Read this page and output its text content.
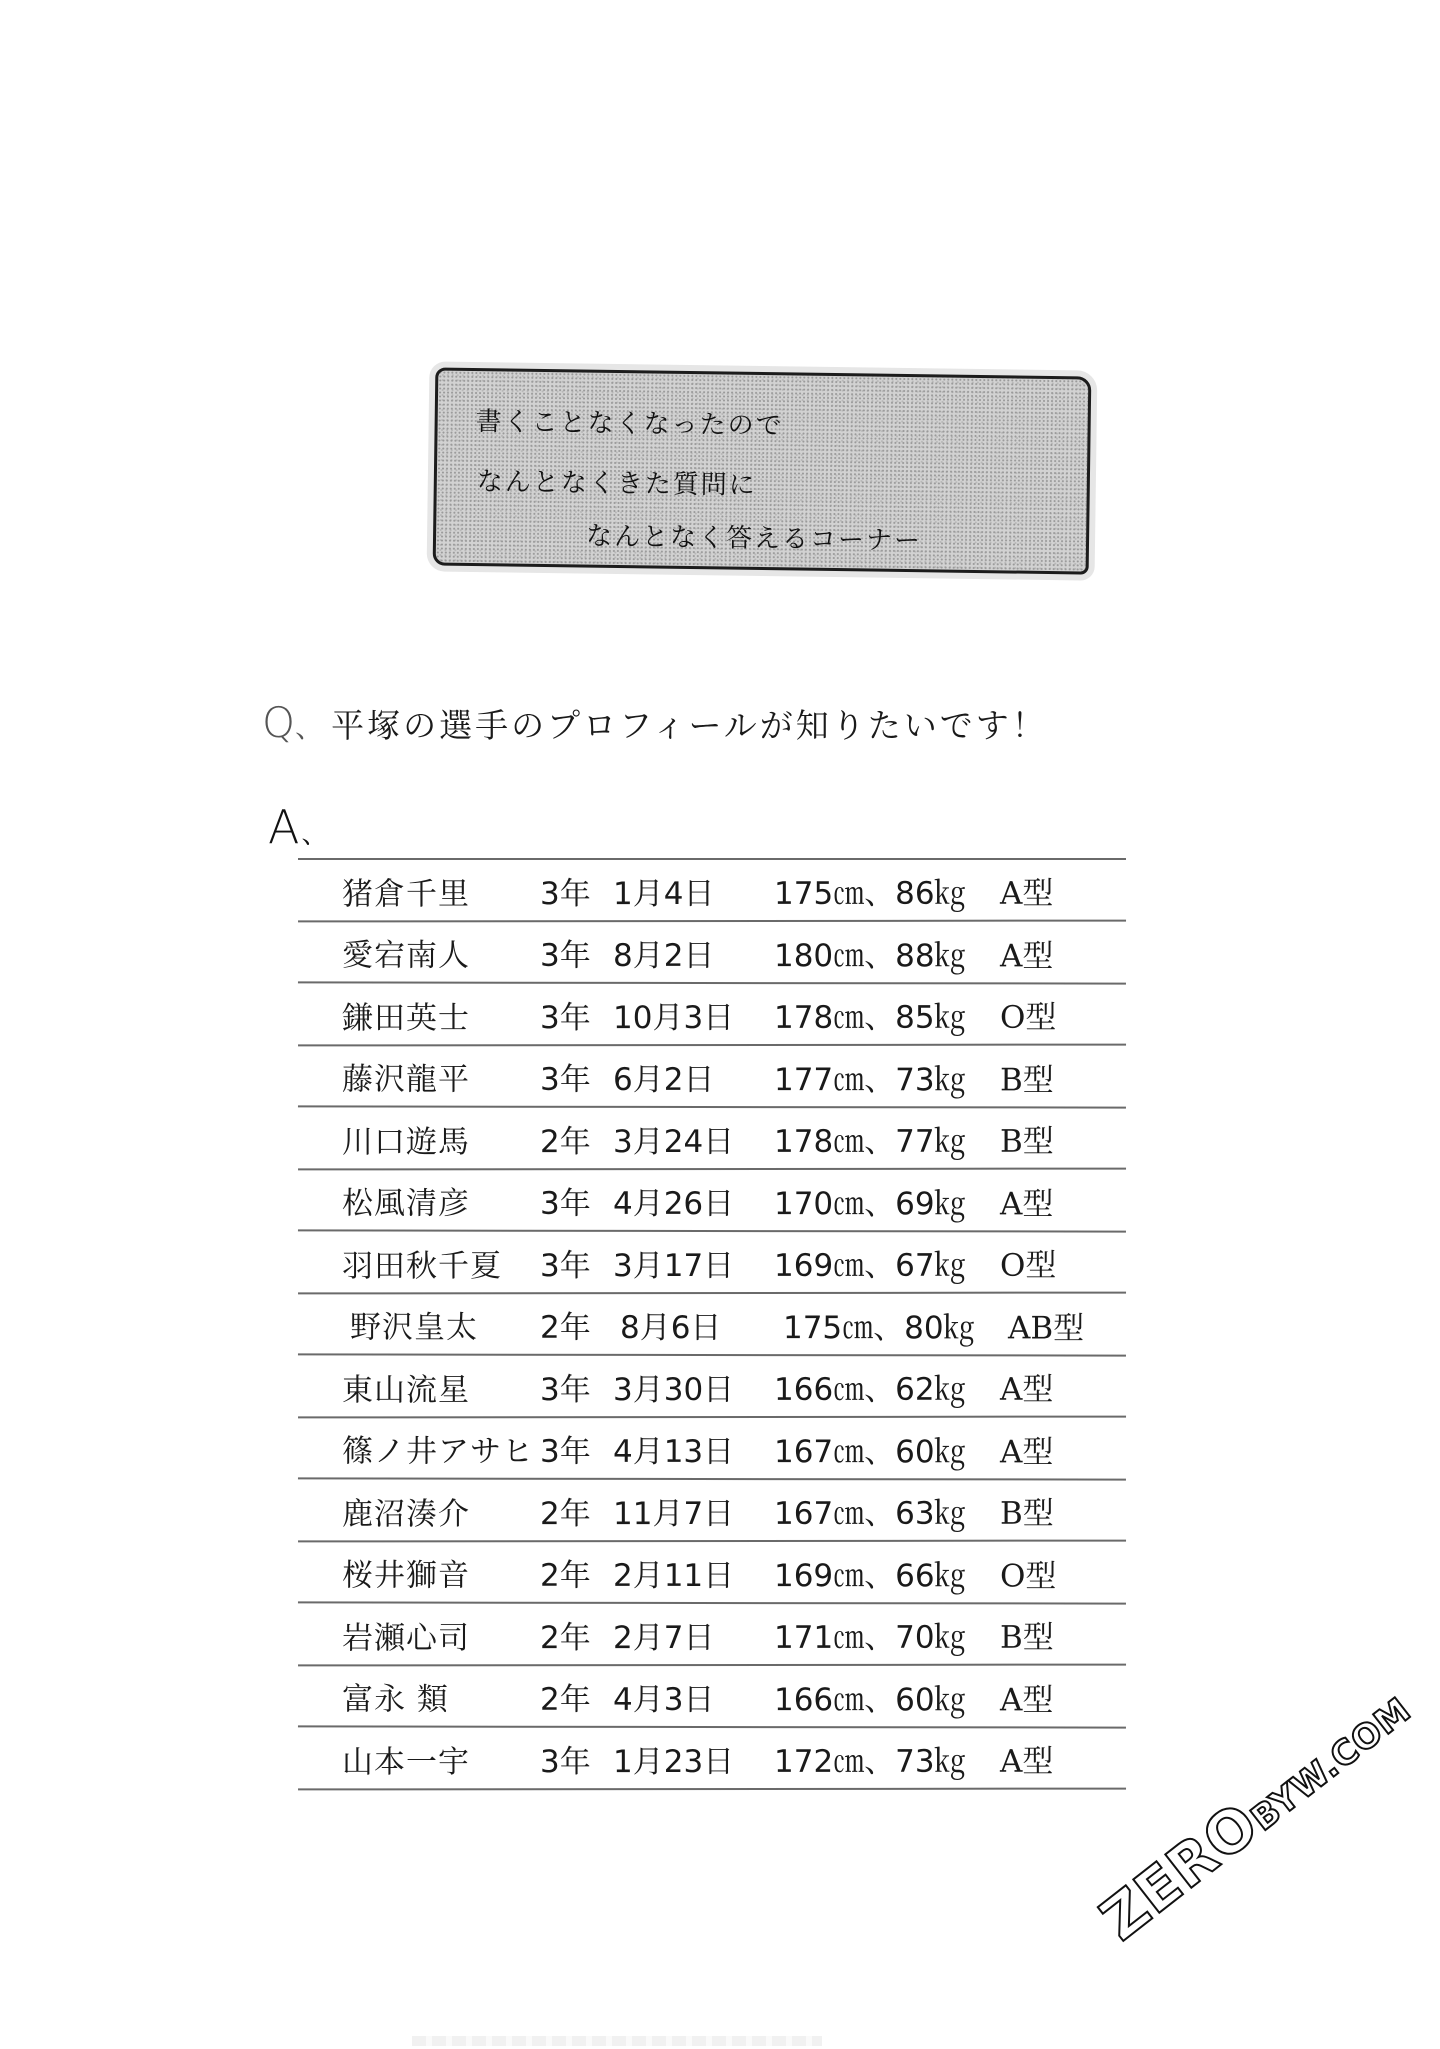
書くことなくなったので
なんとなくきた質問に
なんとなく答えるコーナー
Q 、 平塚の選手のプロフィールが知りたいです！
A、
猪倉千里 3年 1月4日	175㎝、86㎏ A型
愛宕南人 3年 8月2日	180㎝、88㎏ A型
鎌田英士 3年 10月3日	178㎝、85㎏ O型
藤沢龍平 3年 6月2日	177㎝、73㎏ B型
川口遊馬 2年 3月24日	178㎝、77㎏ B型
松風清彦 3年 4月26日	170㎝、69㎏ A型
羽田秋千夏 3年 3月17日	169㎝、67㎏ O型
野沢皇太 2年 8月6日	175㎝、80㎏ AB型
東山流星 3年 3月30日	166㎝、62㎏ A型
篠ノ井アサヒ 3年 4月13日	167㎝、60㎏ A型
鹿沼湊介 2年 11月7日	167㎝、63㎏ B型
桜井獅音 2年 2月11日	169㎝、66㎏ O型
岩瀬心司 2年 2月7日	171㎝、70㎏ B型
富永 類	2年 4月3日	166㎝、60㎏ A型
山本一宇 3年 1月23日	172㎝、73㎏ A型
ZEROBYW.COM
